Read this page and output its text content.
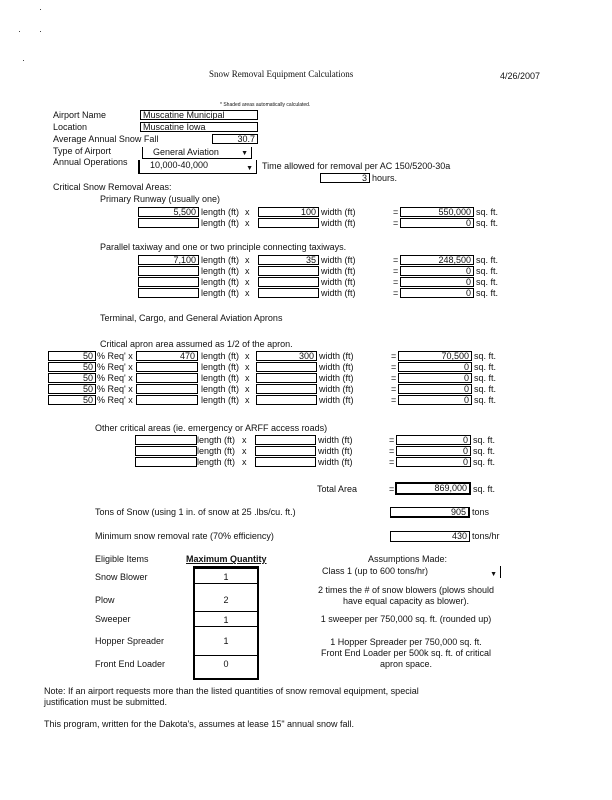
Snow Removal Equipment Calculations	4/26/2007
* Shaded areas automatically calculated.
Airport Name	Muscatine Municipal
Location	Muscatine Iowa
Average Annual Snow Fall	30.7
Type of Airport	General Aviation	▼
Annual Operations	10,000-40,000	▼ Time allowed for removal per AC 150/5200-30a
3 hours.
Critical Snow Removal Areas:
Primary Runway (usually one)
5,500 length (ft) x	100 width (ft)	=	550,000 sq. ft.
length (ft) x	width (ft)	=	0 sq. ft.
Parallel taxiway and one or two principle connecting taxiways.
7,100 length (ft) x	35 width (ft)	=	248,500 sq. ft.
length (ft) x	width (ft)	=	0 sq. ft.
length (ft) x	width (ft)	=	0 sq. ft.
length (ft) x	width (ft)	=	0 sq. ft.
Terminal, Cargo, and General Aviation Aprons
Critical apron area assumed as 1/2 of the apron.
50 % Req' x	470 length (ft) x	300 width (ft)	=	70,500 sq. ft.
50 % Req' x	length (ft) x	width (ft)	=	0 sq. ft.
50 % Req' x	length (ft) x	width (ft)	=	0 sq. ft.
50 % Req' x	length (ft) x	width (ft)	=	0 sq. ft.
50 % Req' x	length (ft) x	width (ft)	=	0 sq. ft.
Other critical areas (ie. emergency or ARFF access roads)
length (ft) x	width (ft)	=	0 sq. ft.
length (ft) x	width (ft)	=	0 sq. ft.
length (ft) x	width (ft)	=	0 sq. ft.
Total Area	=	869,000 sq. ft.
Tons of Snow (using 1 in. of snow at 25 .lbs/cu. ft.)	905 tons
Minimum snow removal rate (70% efficiency)	430 tons/hr
Eligible Items	Maximum Quantity	Assumptions Made:
Snow Blower	1
Plow	2
Sweeper	1
Hopper Spreader	1
Front End Loader	0
Class 1 (up to 600 tons/hr)	▼
2 times the # of snow blowers (plows should
have equal capacity as blower).
1 sweeper per 750,000 sq. ft. (rounded up)
1 Hopper Spreader per 750,000 sq. ft.
Front End Loader per 500k sq. ft. of critical
apron space.
Note: If an airport requests more than the listed quantities of snow removal equipment, special
justification must be submitted.
This program, written for the Dakota's, assumes at lease 15" annual snow fall.
